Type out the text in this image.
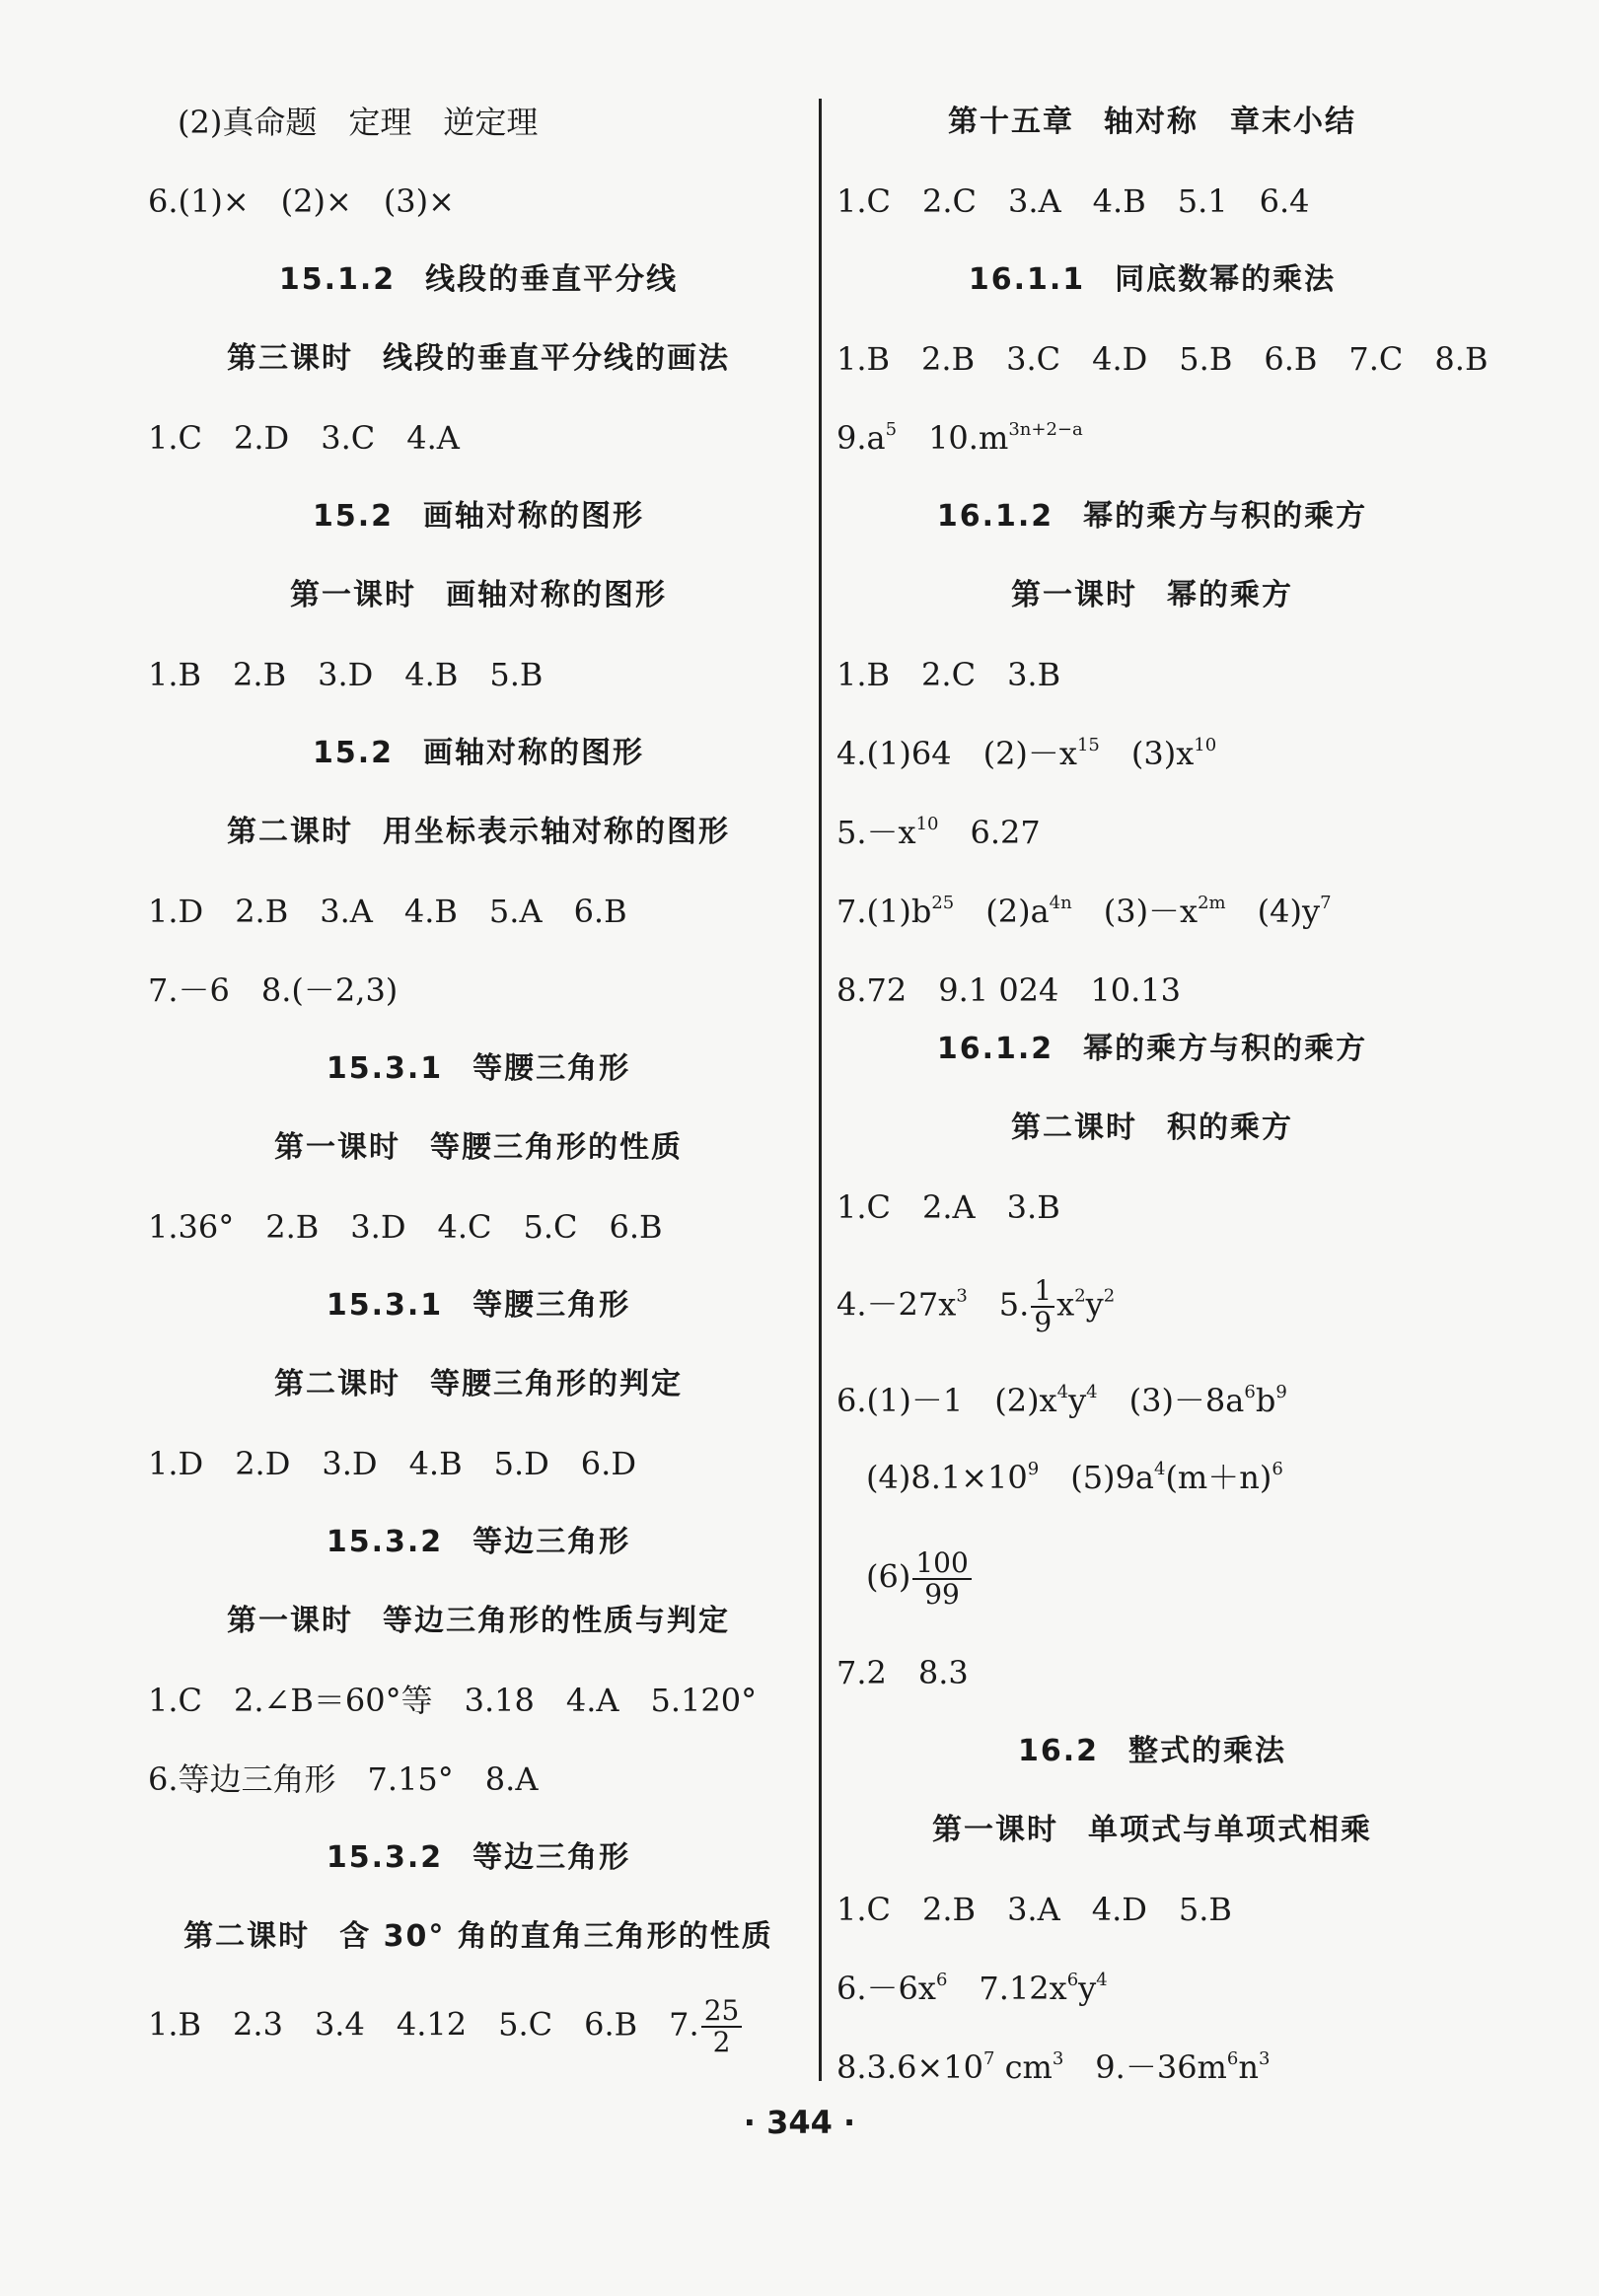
(2)真命题　定理　逆定理
6.(1)×　(2)×　(3)×
15.1.2 线段的垂直平分线
第三课时 线段的垂直平分线的画法
1.C　2.D　3.C　4.A
15.2 画轴对称的图形
第一课时 画轴对称的图形
1.B　2.B　3.D　4.B　5.B
15.2 画轴对称的图形
第二课时 用坐标表示轴对称的图形
1.D　2.B　3.A　4.B　5.A　6.B
7.－6　8.(－2,3)
15.3.1 等腰三角形
第一课时 等腰三角形的性质
1.36°　2.B　3.D　4.C　5.C　6.B
15.3.1 等腰三角形
第二课时 等腰三角形的判定
1.D　2.D　3.D　4.B　5.D　6.D
15.3.2 等边三角形
第一课时 等边三角形的性质与判定
1.C　2.∠B＝60°等　3.18　4.A　5.120°
6.等边三角形　7.15°　8.A
15.3.2 等边三角形
第二课时 含 30° 角的直角三角形的性质
1.B　2.3　3.4　4.12　5.C　6.B　7. $\frac{25}{2}$
第十五章 轴对称　章末小结
1.C　2.C　3.A　4.B　5.1　6.4
16.1.1 同底数幂的乘法
1.B　2.B　3.C　4.D　5.B　6.B　7.C　8.B
$9.a^5$　$10.m^{3n+2-a}$
16.1.2 幂的乘方与积的乘方
第一课时 幂的乘方
1.B　2.C　3.B
4.(1)64　$(2)-x^{15}$　$(3)x^{10}$
$5.-x^{10}$　6.27
$7.(1)b^{25}$　$(2)a^{4n}$　$(3)-x^{2m}$　$(4)y^7$
8.72　9.1 024　10.13
16.1.2 幂的乘方与积的乘方
第二课时 积的乘方
1.C　2.A　3.B
$4.-27x^3$　5. $\frac{1}{9} x^2y^2$
6.(1)－1　$(2)x^4y^4$　$(3)-8a^6b^9$
$(4)8.1\times 10^9$　$(5)9a^4(m+n)^6$
$(6) \frac{100}{99}$
7.2　8.3
16.2 整式的乘法
第一课时 单项式与单项式相乘
1.C　2.B　3.A　4.D　5.B
$6.-6x^6$　$7.12x^6y^4$
$8.3.6\times 10^7$ $cm^3$　$9.-36m^6n^3$
· 344 ·
